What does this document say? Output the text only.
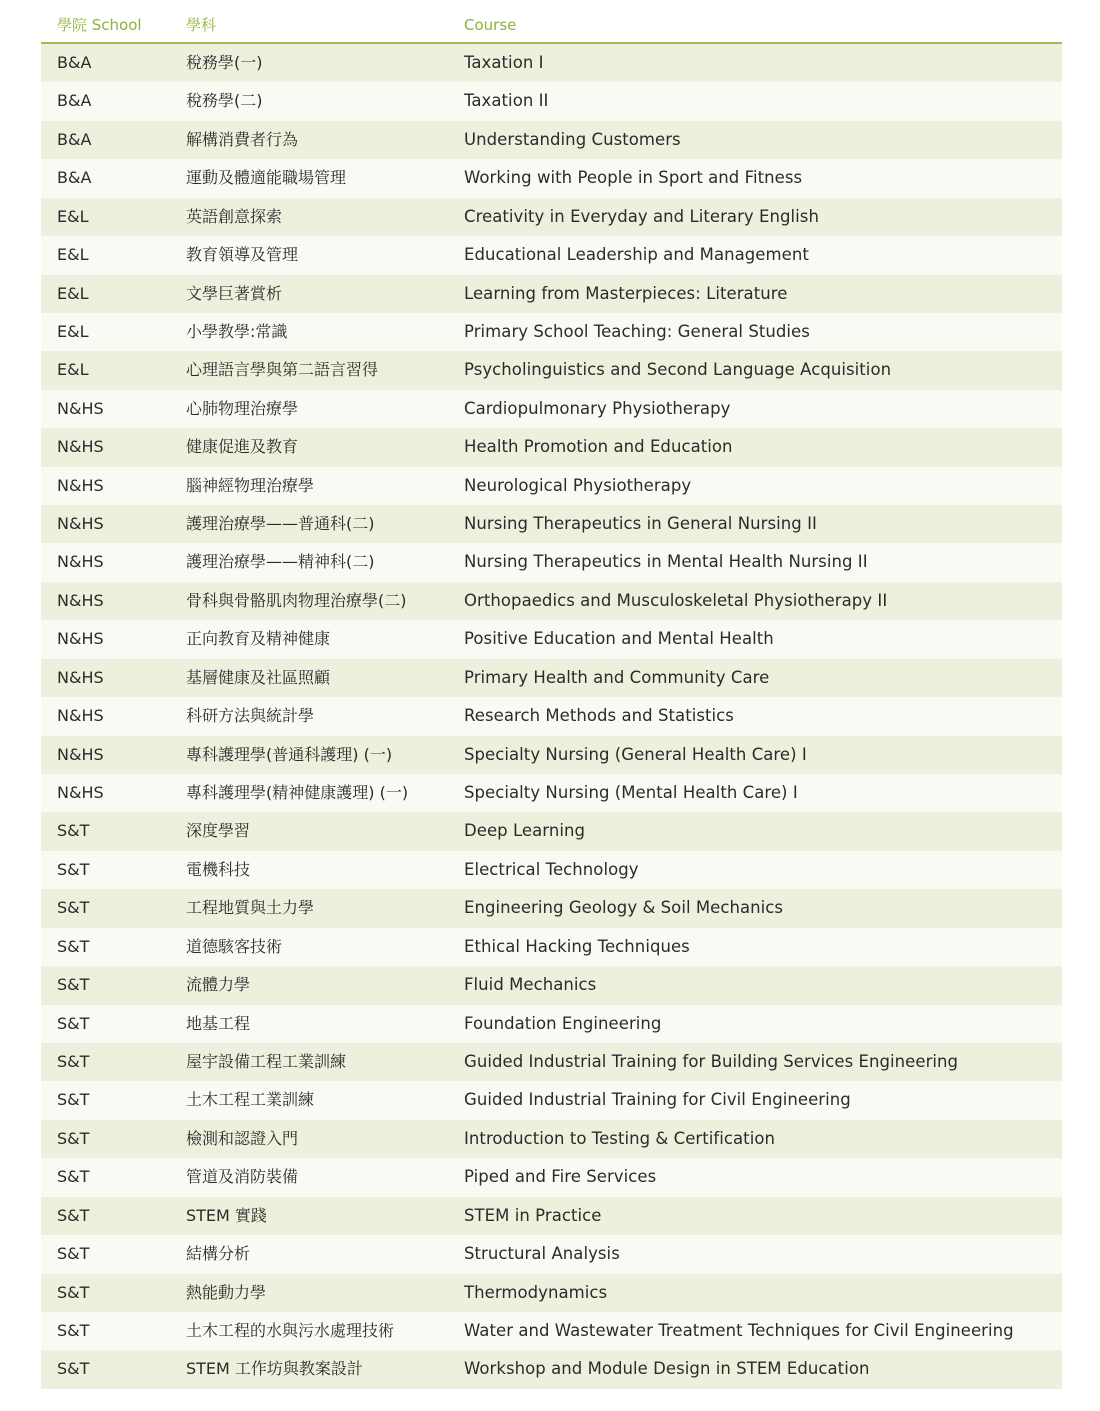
學院 School	學科	Course
B&A	稅務學(一)	Taxation I
B&A	稅務學(二)	Taxation II
B&A	解構消費者行為	Understanding Customers
B&A	運動及體適能職場管理	Working with People in Sport and Fitness
E&L	英語創意探索	Creativity in Everyday and Literary English
E&L	教育領導及管理	Educational Leadership and Management
E&L	文學巨著賞析	Learning from Masterpieces: Literature
E&L	小學教學:常識	Primary School Teaching: General Studies
E&L	心理語言學與第二語言習得	Psycholinguistics and Second Language Acquisition
N&HS	心肺物理治療學	Cardiopulmonary Physiotherapy
N&HS	健康促進及教育	Health Promotion and Education
N&HS	腦神經物理治療學	Neurological Physiotherapy
N&HS	護理治療學——普通科(二)	Nursing Therapeutics in General Nursing II
N&HS	護理治療學——精神科(二)	Nursing Therapeutics in Mental Health Nursing II
N&HS	骨科與骨骼肌肉物理治療學(二)	Orthopaedics and Musculoskeletal Physiotherapy II
N&HS	正向教育及精神健康	Positive Education and Mental Health
N&HS	基層健康及社區照顧	Primary Health and Community Care
N&HS	科研方法與統計學	Research Methods and Statistics
N&HS	專科護理學(普通科護理) (一)	Specialty Nursing (General Health Care) I
N&HS	專科護理學(精神健康護理) (一)	Specialty Nursing (Mental Health Care) I
S&T	深度學習	Deep Learning
S&T	電機科技	Electrical Technology
S&T	工程地質與土力學	Engineering Geology & Soil Mechanics
S&T	道德駭客技術	Ethical Hacking Techniques
S&T	流體力學	Fluid Mechanics
S&T	地基工程	Foundation Engineering
S&T	屋宇設備工程工業訓練	Guided Industrial Training for Building Services Engineering
S&T	土木工程工業訓練	Guided Industrial Training for Civil Engineering
S&T	檢測和認證入門	Introduction to Testing & Certification
S&T	管道及消防裝備	Piped and Fire Services
S&T	STEM 實踐	STEM in Practice
S&T	結構分析	Structural Analysis
S&T	熱能動力學	Thermodynamics
S&T	土木工程的水與污水處理技術	Water and Wastewater Treatment Techniques for Civil Engineering
S&T	STEM 工作坊與教案設計	Workshop and Module Design in STEM Education
